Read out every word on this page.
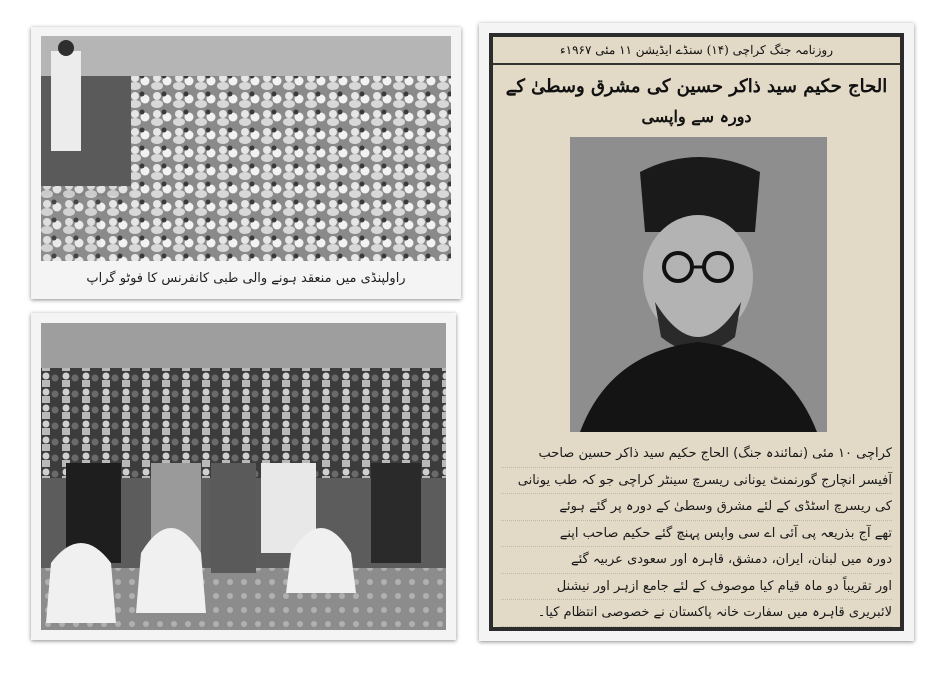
راولپنڈی میں منعقد ہونے والی طبی کانفرنس کا فوٹو گراپ
روزنامہ جنگ کراچی (۱۴) سنڈے ایڈیشن ۱۱ مئی ۱۹۶۷ء
الحاج حکیم سید ذاکر حسین کی مشرق وسطیٰ کے
دورہ سے واپسی

کراچی ۱۰ مئی (نمائندہ جنگ) الحاج حکیم سید ذاکر حسین صاحب

آفیسر انچارج گورنمنٹ یونانی ریسرچ سینٹر کراچی جو کہ طب یونانی

کی ریسرچ اسٹڈی کے لئے مشرق وسطیٰ کے دورہ پر گئے ہوئے

تھے آج بذریعہ پی آئی اے سی واپس پہنچ گئے حکیم صاحب اپنے

دورہ میں لبنان، ایران، دمشق، قاہرہ اور سعودی عربیہ گئے

اور تقریباً دو ماہ قیام کیا موصوف کے لئے جامع ازہر اور نیشنل

لائبریری قاہرہ میں سفارت خانہ پاکستان نے خصوصی انتظام کیا۔
